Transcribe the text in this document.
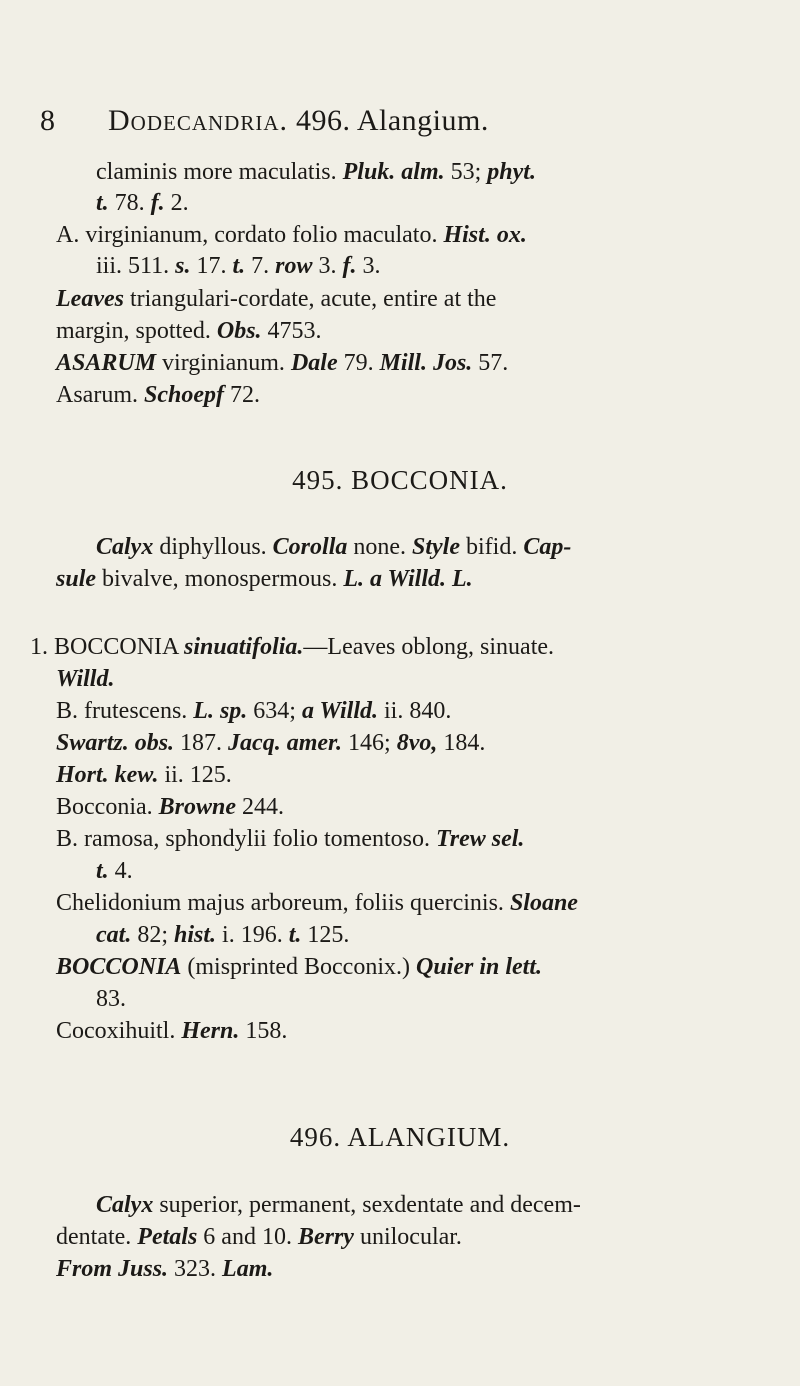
8 Dodecandria. 496. Alangium.
claminis more maculatis. Pluk. alm. 53; phyt.
t. 78. f. 2.
A. virginianum, cordato folio maculato. Hist. ox.
iii. 511. s. 17. t. 7. row 3. f. 3.
Leaves triangulari-cordate, acute, entire at the
margin, spotted. Obs. 4753.
ASARUM virginianum. Dale 79. Mill. Jos. 57.
Asarum. Schoepf 72.
495. BOCCONIA.
Calyx diphyllous. Corolla none. Style bifid. Cap-
sule bivalve, monospermous. L. a Willd. L.
1. BOCCONIA sinuatifolia.—Leaves oblong, sinuate.
Willd.
B. frutescens. L. sp. 634; a Willd. ii. 840.
Swartz. obs. 187. Jacq. amer. 146; 8vo, 184.
Hort. kew. ii. 125.
Bocconia. Browne 244.
B. ramosa, sphondylii folio tomentoso. Trew sel.
t. 4.
Chelidonium majus arboreum, foliis quercinis. Sloane
cat. 82; hist. i. 196. t. 125.
BOCCONIA (misprinted Bocconix.) Quier in lett.
83.
Cocoxihuitl. Hern. 158.
496. ALANGIUM.
Calyx superior, permanent, sexdentate and decem-
dentate. Petals 6 and 10. Berry unilocular.
From Juss. 323. Lam.
